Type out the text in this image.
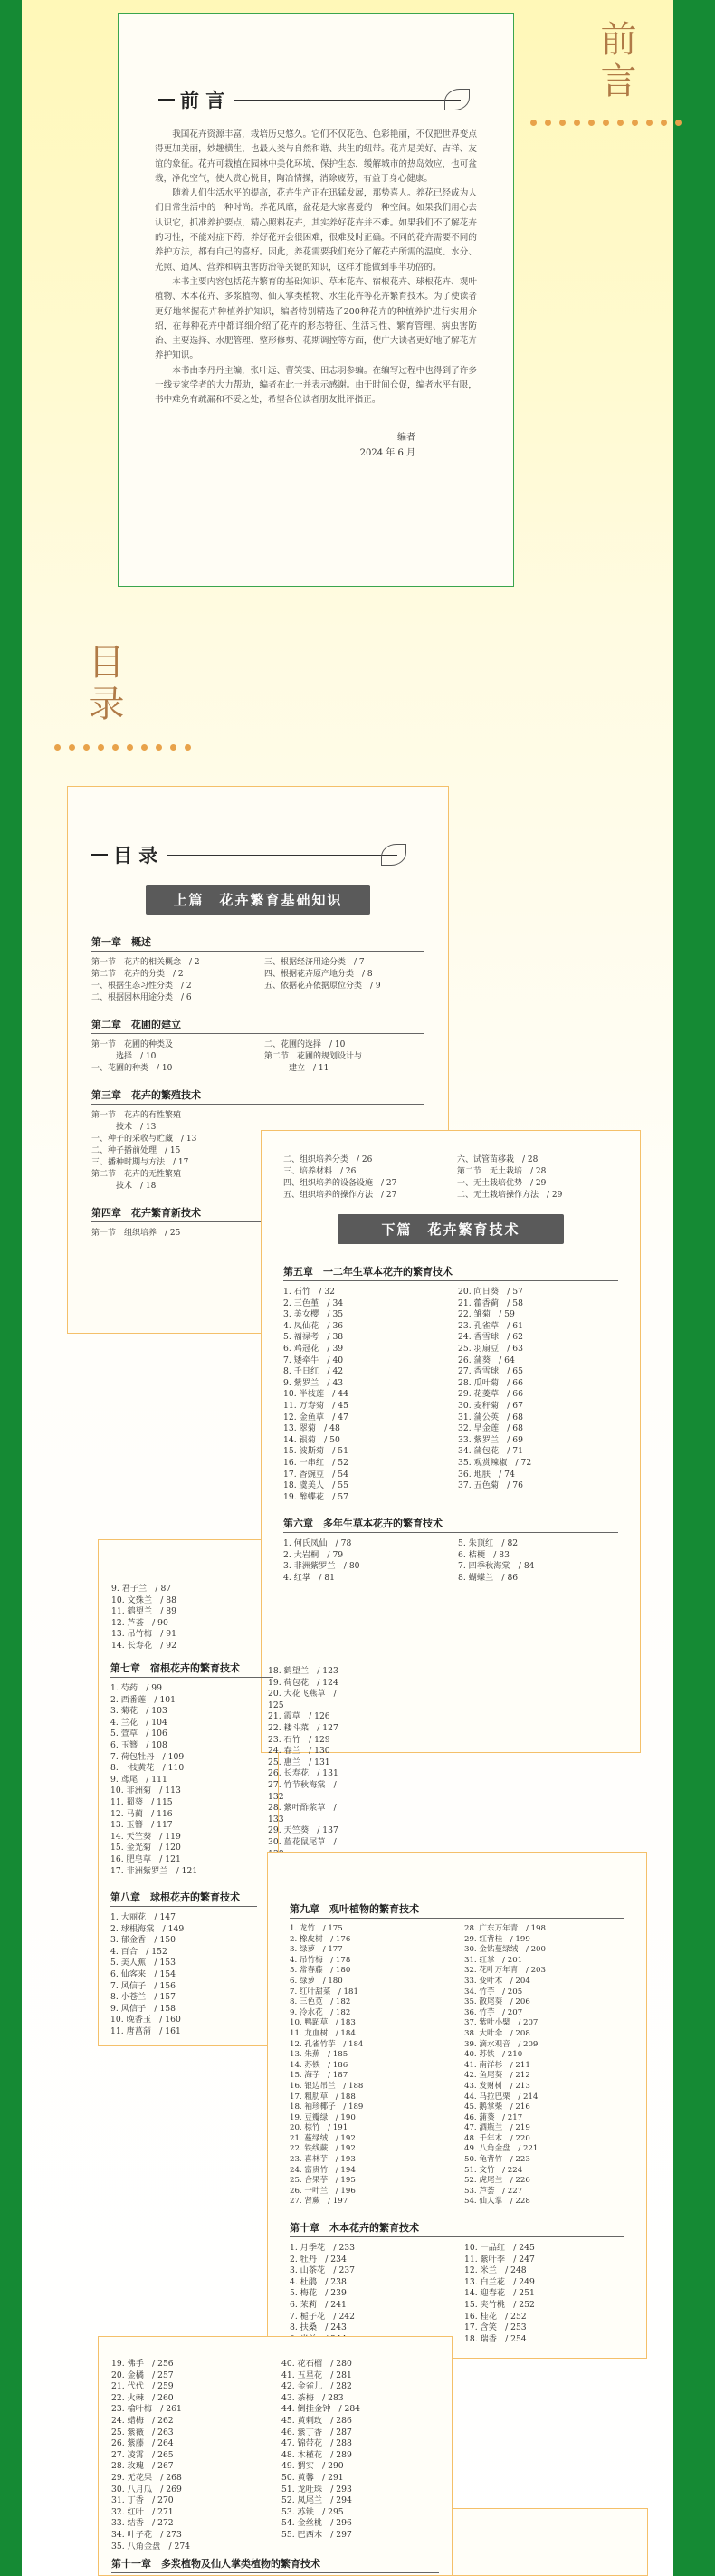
前言
前 言
我国花卉资源丰富，栽培历史悠久。它们不仅花色、色彩艳丽，不仅把世界变点得更加美丽，妙趣横生，也最人类与自然和谐、共生的纽带。花卉是美好、吉祥、友谊的象征。花卉可栽植在园林中美化环境，保护生态，缓解城市的热岛效应，也可盆栽，净化空气，使人赏心悦目，陶冶情操，消除疲劳，有益于身心健康。
随着人们生活水平的提高，花卉生产正在迅猛发展，那势喜人。养花已经成为人们日常生活中的一种时尚。养花风靡，盆花是大家喜爱的一种空间。如果我们用心去认识它，抓准养护要点，精心照料花卉，其实养好花卉并不难。如果我们不了解花卉的习性，不能对症下药，养好花卉会很困难，很难及时正确。不同的花卉需要不同的养护方法，都有自己的喜好。因此，养花需要我们充分了解花卉所需的温度、水分、光照、通风、营养和病虫害防治等关键的知识，这样才能做到事半功倍的。
本书主要内容包括花卉繁育的基础知识、草本花卉、宿根花卉、球根花卉、观叶植物、木本花卉、多浆植物、仙人掌类植物、水生花卉等花卉繁育技术。为了使读者更好地掌握花卉种植养护知识，编者特别精选了200种花卉的种植养护进行实用介绍，在每种花卉中都详细介绍了花卉的形态特征、生活习性、繁育管理、病虫害防治、主要选择、水肥管理、整形修剪、花期调控等方面，使广大读者更好地了解花卉养护知识。
本书由李丹丹主编，张叶远、曹笑雯、田志羽参编。在编写过程中也得到了许多一线专家学者的大力帮助，编者在此一并表示感谢。由于时间仓促，编者水平有限，书中难免有疏漏和不妥之处，希望各位读者朋友批评指正。
编者
2024 年 6 月
目录
目 录
上篇　花卉繁育基础知识
第一章　概述
第一节　花卉的相关概念　/ 2
第二节　花卉的分类　/ 2
一、根据生态习性分类　/ 2
二、根据园林用途分类　/ 6
三、根据经济用途分类　/ 7
四、根据花卉原产地分类　/ 8
五、依据花卉依据原位分类　/ 9
第二章　花圃的建立
第一节　花圃的种类及
　　　选择　/ 10
一、花圃的种类　/ 10
二、花圃的选择　/ 10
第二节　花圃的规划设计与
　　　建立　/ 11
第三章　花卉的繁殖技术
第一节　花卉的有性繁殖
　　　技术　/ 13
一、种子的采收与贮藏　/ 13
二、种子播前处理　/ 15
三、播种时期与方法　/ 17
第二节　花卉的无性繁殖
　　　技术　/ 18
第四章　花卉繁育新技术
第一节　组织培养　/ 25
9. 君子兰　/ 87
10. 文殊兰　/ 88
11. 鹤望兰　/ 89
12. 芦荟　/ 90
13. 吊竹梅　/ 91
14. 长寿花　/ 92
二、组织培养分类　/ 26
三、培养材料　/ 26
四、组织培养的设备设施　/ 27
五、组织培养的操作方法　/ 27
六、试管苗移栽　/ 28
第二节　无土栽培　/ 28
一、无土栽培优势　/ 29
二、无土栽培操作方法　/ 29
下篇　花卉繁育技术
第五章　一二年生草本花卉的繁育技术
1. 石竹　/ 32	20. 向日葵　/ 57
2. 三色堇　/ 34	21. 藿香蓟　/ 58
3. 美女樱　/ 35	22. 雏菊　/ 59
4. 凤仙花　/ 36	23. 孔雀草　/ 61
5. 福禄考　/ 38	24. 香雪球　/ 62
6. 鸡冠花　/ 39	25. 羽扇豆　/ 63
7. 矮牵牛　/ 40	26. 蒲葵　/ 64
8. 千日红　/ 42	27. 香雪球　/ 65
9. 紫罗兰　/ 43	28. 瓜叶菊　/ 66
10. 半枝莲　/ 44	29. 花菱草　/ 66
11. 万寿菊　/ 45	30. 麦秆菊　/ 67
12. 金鱼草　/ 47	31. 蒲公英　/ 68
13. 翠菊　/ 48	32. 旱金莲　/ 68
14. 银菊　/ 50	33. 紫罗兰　/ 69
15. 波斯菊　/ 51	34. 蒲包花　/ 71
16. 一串红　/ 52	35. 观赏辣椒　/ 72
17. 香豌豆　/ 54	36. 地肤　/ 74
18. 虞美人　/ 55	37. 五色菊　/ 76
19. 醉蝶花　/ 57
第六章　多年生草本花卉的繁育技术
1. 何氏凤仙　/ 78	5. 朱顶红　/ 82
2. 大岩桐　/ 79	6. 桔梗　/ 83
3. 非洲紫罗兰　/ 80	7. 四季秋海棠　/ 84
4. 红掌　/ 81	8. 蝴蝶兰　/ 86
第七章　宿根花卉的繁育技术
1. 芍药　/ 99
2. 西番莲　/ 101
3. 菊花　/ 103
4. 兰花　/ 104
5. 萱草　/ 106
6. 玉簪　/ 108
7. 荷包牡丹　/ 109
8. 一枝黄花　/ 110
9. 鸢尾　/ 111
10. 非洲菊　/ 113
11. 蜀葵　/ 115
12. 马蔺　/ 116
13. 玉簪　/ 117
14. 天竺葵　/ 119
15. 金光菊　/ 120
16. 肥皂草　/ 121
17. 非洲紫罗兰　/ 121
第八章　球根花卉的繁育技术
1. 大丽花　/ 147
2. 球根海棠　/ 149
3. 郁金香　/ 150
4. 百合　/ 152
5. 美人蕉　/ 153
6. 仙客来　/ 154
7. 风信子　/ 156
8. 小苍兰　/ 157
9. 风信子　/ 158
10. 晚香玉　/ 160
11. 唐菖蒲　/ 161
18. 鹤望兰　/ 123
19. 荷包花　/ 124
20. 大花飞燕草　/ 125
21. 霞草　/ 126
22. 耧斗菜　/ 127
23. 石竹　/ 129
24. 春兰　/ 130
25. 惠兰　/ 131
26. 长寿花　/ 131
27. 竹节秋海棠　/ 132
28. 紫叶酢浆草　/ 133
29. 天竺葵　/ 137
30. 蓝花鼠尾草　/
第九章　观叶植物的繁育技术
1. 龙竹　/ 175	28. 广东万年青　/ 198
2. 橡皮树　/ 176	29. 红背桂　/ 199
3. 绿萝　/ 177	30. 金钻蔓绿绒　/ 200
4. 吊竹梅　/ 178	31. 红掌　/ 201
5. 常春藤　/ 180	32. 花叶万年青　/ 203
6. 绿萝　/ 180	33. 变叶木　/ 204
7. 红叶甜菜　/ 181	34. 竹芋　/ 205
8. 三色苋　/ 182	35. 散尾葵　/ 206
9. 冷水花　/ 182	36. 竹芋　/ 207
10. 鸭跖草　/ 183	37. 紫叶小檗　/ 207
11. 龙血树　/ 184	38. 大叶伞　/ 208
12. 孔雀竹芋　/ 184	39. 滴水观音　/ 209
13. 朱蕉　/ 185	40. 苏铁　/ 210
14. 苏铁　/ 186	41. 南洋杉　/ 211
15. 海芋　/ 187	42. 鱼尾葵　/ 212
16. 银边吊兰　/ 188	43. 发财树　/ 213
17. 粗肋草　/ 188	44. 马拉巴栗　/ 214
18. 袖珍椰子　/ 189	45. 鹅掌柴　/ 216
19. 豆瓣绿　/ 190	46. 蒲葵　/ 217
20. 棕竹　/ 191	47. 酒瓶兰　/ 219
21. 蔓绿绒　/ 192	48. 千年木　/ 220
22. 铁线蕨　/ 192	49. 八角金盘　/ 221
23. 喜林芋　/ 193	50. 龟背竹　/ 223
24. 富贵竹　/ 194	51. 文竹　/ 224
25. 合果芋　/ 195	52. 虎尾兰　/ 226
26. 一叶兰　/ 196	53. 芦荟　/ 227
27. 肾蕨　/ 197	54. 仙人掌　/ 228
第十章　木本花卉的繁育技术
1. 月季花　/ 233	10. 一品红　/ 245
2. 牡丹　/ 234	11. 紫叶李　/ 247
3. 山茶花　/ 237	12. 米兰　/ 248
4. 杜鹃　/ 238	13. 白兰花　/ 249
5. 梅花　/ 239	14. 迎春花　/ 251
6. 茉莉　/ 241	15. 夹竹桃　/ 252
7. 栀子花　/ 242	16. 桂花　/ 252
8. 扶桑　/ 243	17. 含笑　/ 253
18. 瑞香　/ 254
19. 佛手　/ 256
20. 金橘　/ 257
21. 代代　/ 259
22. 火棘　/ 260
23. 榆叶梅　/ 261
24. 蜡梅　/ 262
25. 紫薇　/ 263
26. 紫藤　/ 264
27. 凌霄　/ 265
28. 玫瑰　/ 267
29. 无花果　/ 268
30. 八月瓜　/ 269
31. 丁香　/ 270
32. 红叶　/ 271
33. 结香　/ 272
34. 叶子花　/ 273
35. 八角金盘　/ 274
40. 花石榴　/ 280
41. 五星花　/ 281
42. 金雀儿　/ 282
43. 茶梅　/ 283
44. 倒挂金钟　/ 284
45. 黄刺玫　/ 286
46. 紫丁香　/ 287
47. 锦带花　/ 288
48. 木槿花　/ 289
49. 猬实　/ 290
50. 黄馨　/ 291
51. 龙吐珠　/ 293
52. 凤尾兰　/ 294
53. 苏铁　/ 295
54. 金丝桃　/ 296
55. 巴西木　/ 297
第十一章　多浆植物及仙人掌类植物的繁育技术
